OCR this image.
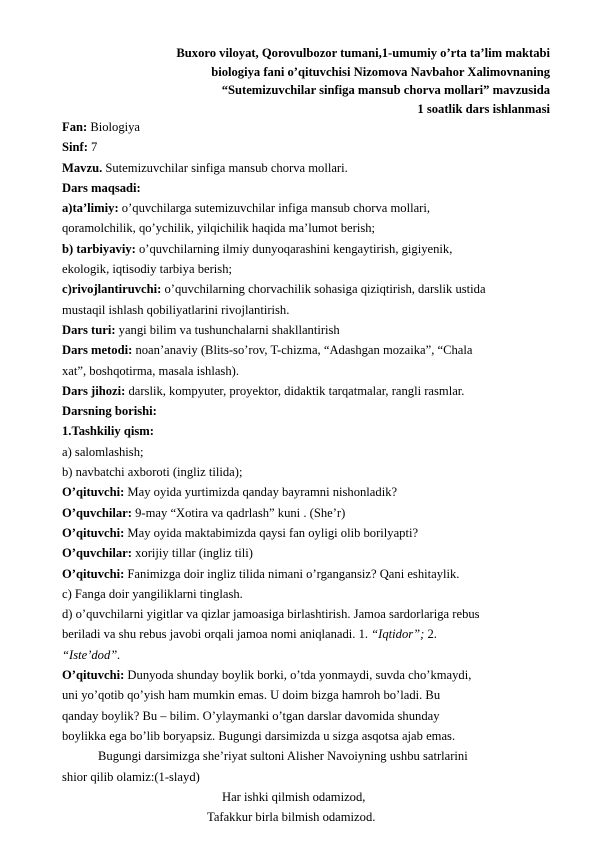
Buxoro viloyat, Qorovulbozor tumani,1-umumiy o’rta ta’lim maktabi
biologiya fani o’qituvchisi Nizomova Navbahor Xalimovnaning
“Sutemizuvchilar sinfiga mansub chorva mollari” mavzusida
1 soatlik dars ishlanmasi
Fan: Biologiya
Sinf: 7
Mavzu. Sutemizuvchilar sinfiga mansub chorva mollari.
Dars maqsadi:
a)ta’limiy: o’quvchilarga sutemizuvchilar infiga mansub chorva mollari,
qoramolchilik, qo’ychilik, yilqichilik haqida ma’lumot berish;
b) tarbiyaviy: o’quvchilarning ilmiy dunyoqarashini kengaytirish, gigiyenik,
ekologik, iqtisodiy tarbiya berish;
c)rivojlantiruvchi: o’quvchilarning chorvachilik sohasiga qiziqtirish, darslik ustida
mustaqil ishlash qobiliyatlarini rivojlantirish.
Dars turi: yangi bilim va tushunchalarni shakllantirish
Dars metodi: noan’anaviy (Blits-so’rov, T-chizma, “Adashgan mozaika”, “Chala
xat”, boshqotirma, masala ishlash).
Dars jihozi: darslik, kompyuter, proyektor, didaktik tarqatmalar, rangli rasmlar.
Darsning borishi:
1.Tashkiliy qism:
a) salomlashish;
b) navbatchi axboroti (ingliz tilida);
O’qituvchi: May oyida yurtimizda qanday bayramni nishonladik?
O’quvchilar: 9-may “Xotira va qadrlash” kuni . (She’r)
O’qituvchi: May oyida maktabimizda qaysi fan oyligi olib borilyapti?
O’quvchilar: xorijiy tillar (ingliz tili)
O’qituvchi: Fanimizga doir ingliz tilida nimani o’rgangansiz? Qani eshitaylik.
c) Fanga doir yangiliklarni tinglash.
d) o’quvchilarni yigitlar va qizlar jamoasiga birlashtirish. Jamoa sardorlariga rebus
beriladi va shu rebus javobi orqali jamoa nomi aniqlanadi. 1. “Iqtidor”; 2.
“Iste’dod”.
O’qituvchi: Dunyoda shunday boylik borki, o’tda yonmaydi, suvda cho’kmaydi,
uni yo’qotib qo’yish ham mumkin emas. U doim bizga hamroh bo’ladi. Bu
qanday boylik? Bu – bilim. O’ylaymanki o’tgan darslar davomida shunday
boylikka ega bo’lib boryapsiz. Bugungi darsimizda u sizga asqotsa ajab emas.
Bugungi darsimizga she’riyat sultoni Alisher Navoiyning ushbu satrlarini
shior qilib olamiz:(1-slayd)
Har ishki qilmish odamizod,
Tafakkur birla bilmish odamizod.
